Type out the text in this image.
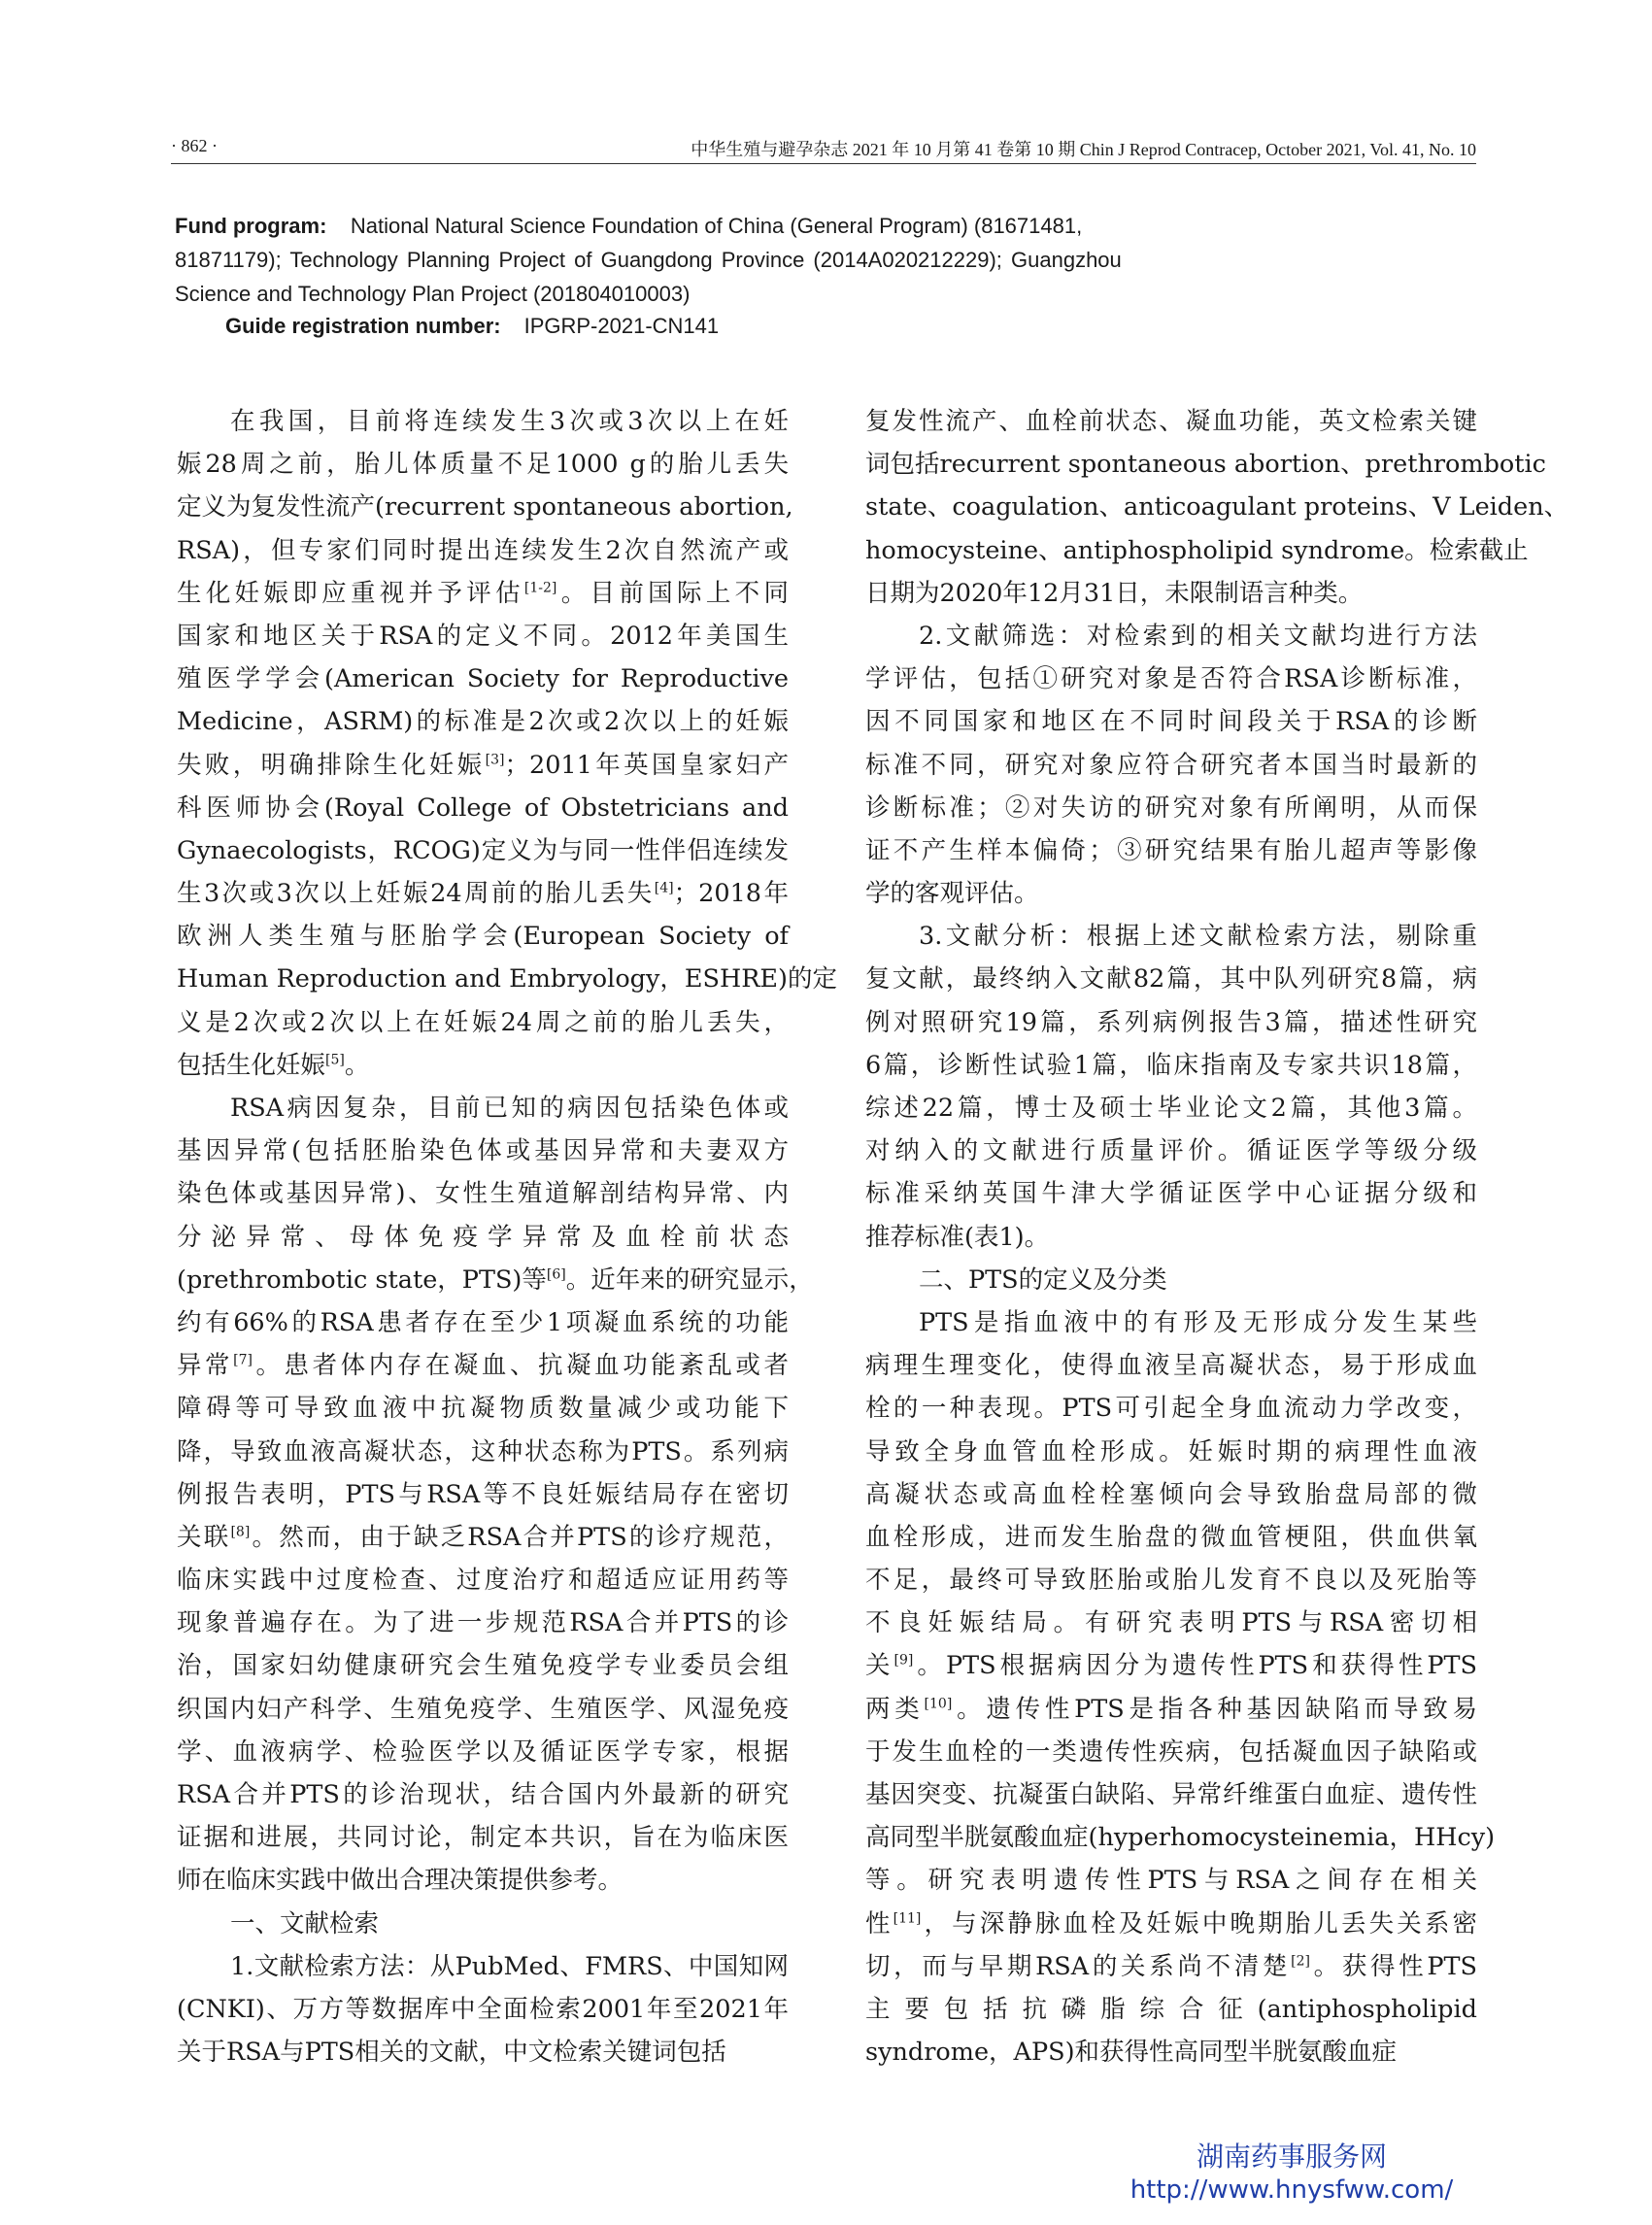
· 862 ·	中华生殖与避孕杂志 2021 年 10 月第 41 卷第 10 期 Chin J Reprod Contracep, October 2021, Vol. 41, No. 10
Fund program: National Natural Science Foundation of China (General Program) (81671481,
81871179); Technology Planning Project of Guangdong Province (2014A020212229); Guangzhou
Science and Technology Plan Project (201804010003)
Guide registration number: IPGRP-2021-CN141
在我国，目前将连续发生3次或3次以上在妊
娠28周之前，胎儿体质量不足1000 g的胎儿丢失
定义为复发性流产(recurrent spontaneous abortion,
RSA)，但专家们同时提出连续发生2次自然流产或
生化妊娠即应重视并予评估[1-2]。目前国际上不同
国家和地区关于RSA的定义不同。2012年美国生
殖医学学会(American Society for Reproductive
Medicine，ASRM)的标准是2次或2次以上的妊娠
失败，明确排除生化妊娠[3]；2011年英国皇家妇产
科医师协会(Royal College of Obstetricians and
Gynaecologists，RCOG)定义为与同一性伴侣连续发
生3次或3次以上妊娠24周前的胎儿丢失[4]；2018年
欧洲人类生殖与胚胎学会(European Society of
Human Reproduction and Embryology，ESHRE)的定
义是2次或2次以上在妊娠24周之前的胎儿丢失，
包括生化妊娠[5]。
RSA病因复杂，目前已知的病因包括染色体或
基因异常(包括胚胎染色体或基因异常和夫妻双方
染色体或基因异常)、女性生殖道解剖结构异常、内
分泌异常、母体免疫学异常及血栓前状态
(prethrombotic state，PTS)等[6]。近年来的研究显示，
约有66%的RSA患者存在至少1项凝血系统的功能
异常[7]。患者体内存在凝血、抗凝血功能紊乱或者
障碍等可导致血液中抗凝物质数量减少或功能下
降，导致血液高凝状态，这种状态称为PTS。系列病
例报告表明，PTS与RSA等不良妊娠结局存在密切
关联[8]。然而，由于缺乏RSA合并PTS的诊疗规范，
临床实践中过度检查、过度治疗和超适应证用药等
现象普遍存在。为了进一步规范RSA合并PTS的诊
治，国家妇幼健康研究会生殖免疫学专业委员会组
织国内妇产科学、生殖免疫学、生殖医学、风湿免疫
学、血液病学、检验医学以及循证医学专家，根据
RSA合并PTS的诊治现状，结合国内外最新的研究
证据和进展，共同讨论，制定本共识，旨在为临床医
师在临床实践中做出合理决策提供参考。
一、文献检索
1.文献检索方法：从PubMed、FMRS、中国知网
(CNKI)、万方等数据库中全面检索2001年至2021年
关于RSA与PTS相关的文献，中文检索关键词包括
复发性流产、血栓前状态、凝血功能，英文检索关键
词包括recurrent spontaneous abortion、prethrombotic
state、coagulation、anticoagulant proteins、V Leiden、
homocysteine、antiphospholipid syndrome。检索截止
日期为2020年12月31日，未限制语言种类。
2.文献筛选：对检索到的相关文献均进行方法
学评估，包括①研究对象是否符合RSA诊断标准，
因不同国家和地区在不同时间段关于RSA的诊断
标准不同，研究对象应符合研究者本国当时最新的
诊断标准；②对失访的研究对象有所阐明，从而保
证不产生样本偏倚；③研究结果有胎儿超声等影像
学的客观评估。
3.文献分析：根据上述文献检索方法，剔除重
复文献，最终纳入文献82篇，其中队列研究8篇，病
例对照研究19篇，系列病例报告3篇，描述性研究
6篇，诊断性试验1篇，临床指南及专家共识18篇，
综述22篇，博士及硕士毕业论文2篇，其他3篇。
对纳入的文献进行质量评价。循证医学等级分级
标准采纳英国牛津大学循证医学中心证据分级和
推荐标准(表1)。
二、PTS的定义及分类
PTS是指血液中的有形及无形成分发生某些
病理生理变化，使得血液呈高凝状态，易于形成血
栓的一种表现。PTS可引起全身血流动力学改变，
导致全身血管血栓形成。妊娠时期的病理性血液
高凝状态或高血栓栓塞倾向会导致胎盘局部的微
血栓形成，进而发生胎盘的微血管梗阻，供血供氧
不足，最终可导致胚胎或胎儿发育不良以及死胎等
不良妊娠结局。有研究表明PTS与RSA密切相
关[9]。PTS根据病因分为遗传性PTS和获得性PTS
两类[10]。遗传性PTS是指各种基因缺陷而导致易
于发生血栓的一类遗传性疾病，包括凝血因子缺陷或
基因突变、抗凝蛋白缺陷、异常纤维蛋白血症、遗传性
高同型半胱氨酸血症(hyperhomocysteinemia，HHcy)
等。研究表明遗传性PTS与RSA之间存在相关
性[11]，与深静脉血栓及妊娠中晚期胎儿丢失关系密
切，而与早期RSA的关系尚不清楚[2]。获得性PTS
主要包括抗磷脂综合征(antiphospholipid
syndrome，APS)和获得性高同型半胱氨酸血症
湖南药事服务网
http://www.hnysfww.com/
